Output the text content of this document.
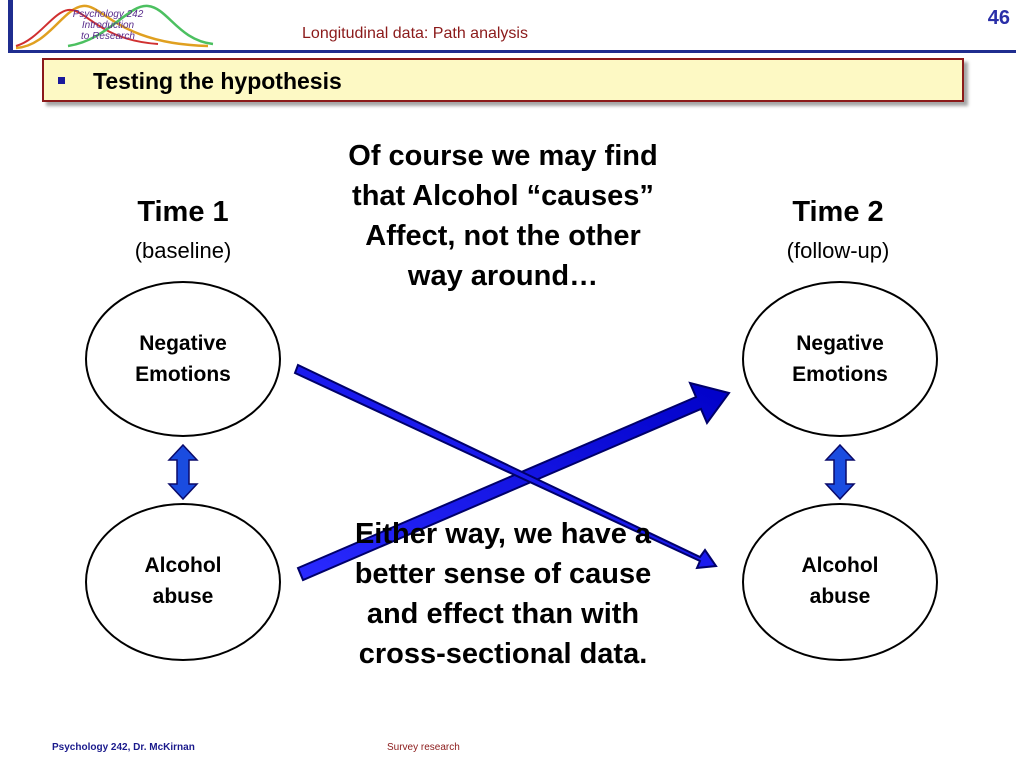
Psychology 242
Introduction
to Research	Longitudinal data: Path analysis
46
Testing the hypothesis
Time 1
(baseline)
Time 2
(follow-up)
Negative
Emotions
Alcohol
abuse
Negative
Emotions
Alcohol
abuse
Of course we may find
that Alcohol “causes”
Affect, not the other
way around…
Either way, we have a
better sense of cause
and effect than with
cross-sectional data.
Psychology 242, Dr. McKirnan	Survey research
